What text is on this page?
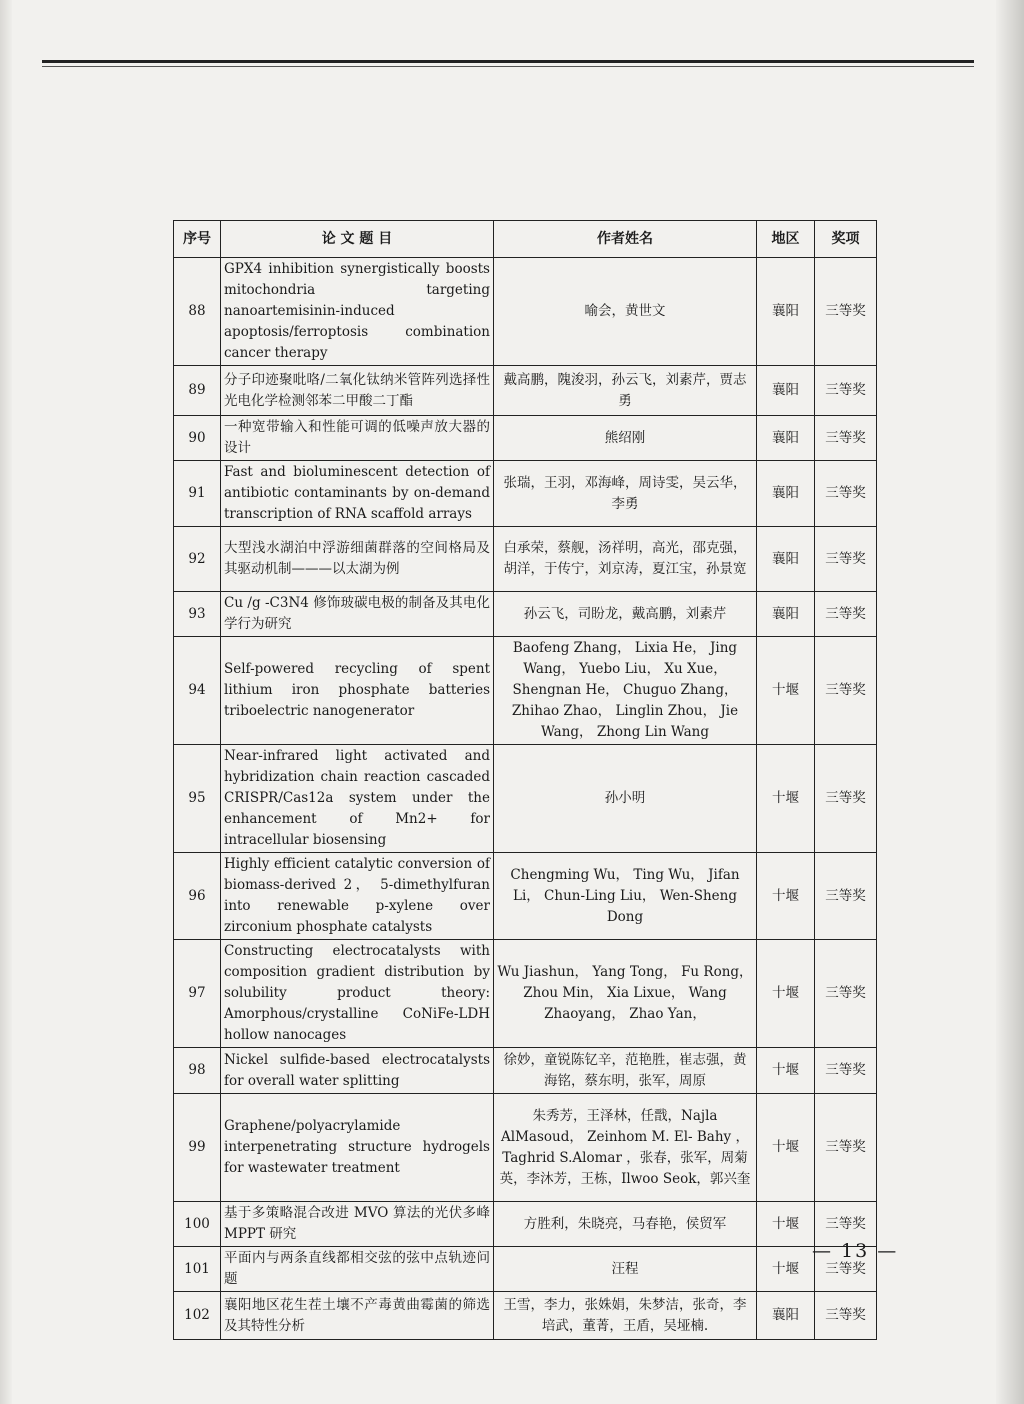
序号	论 文 题 目	作者姓名	地区	奖项
88	GPX4 inhibition synergistically boosts mitochondria targeting nanoartemisinin-induced apoptosis/ferroptosis combination cancer therapy	喻会，黄世文	襄阳	三等奖
89	分子印迹聚吡咯/二氧化钛纳米管阵列选择性光电化学检测邻苯二甲酸二丁酯	戴高鹏，隗浚羽，孙云飞，刘素芹，贾志勇	襄阳	三等奖
90	一种宽带输入和性能可调的低噪声放大器的设计	熊绍刚	襄阳	三等奖
91	Fast and bioluminescent detection of antibiotic contaminants by on-demand transcription of RNA scaffold arrays	张瑞，王羽，邓海峰，周诗雯，吴云华，李勇	襄阳	三等奖
92	大型浅水湖泊中浮游细菌群落的空间格局及其驱动机制———以太湖为例	白承荣，蔡舰，汤祥明，高光，邵克强，胡洋，于传宁，刘京涛，夏江宝，孙景宽	襄阳	三等奖
93	Cu /g -C3N4 修饰玻碳电极的制备及其电化学行为研究	孙云飞，司盼龙，戴高鹏，刘素芹	襄阳	三等奖
94	Self-powered recycling of spent lithium iron phosphate batteries triboelectric nanogenerator	Baofeng Zhang， Lixia He， Jing Wang， Yuebo Liu， Xu Xue， Shengnan He， Chuguo Zhang， Zhihao Zhao， Linglin Zhou， Jie Wang， Zhong Lin Wang	十堰	三等奖
95	Near-infrared light activated and hybridization chain reaction cascaded CRISPR/Cas12a system under the enhancement of Mn2+ for intracellular biosensing	孙小明	十堰	三等奖
96	Highly efficient catalytic conversion of biomass-derived 2， 5-dimethylfuran into renewable p-xylene over zirconium phosphate catalysts	Chengming Wu， Ting Wu， Jifan Li， Chun-Ling Liu， Wen-Sheng Dong	十堰	三等奖
97	Constructing electrocatalysts with composition gradient distribution by solubility product theory: Amorphous/crystalline CoNiFe-LDH hollow nanocages	Wu Jiashun， Yang Tong， Fu Rong， Zhou Min， Xia Lixue， Wang Zhaoyang， Zhao Yan，	十堰	三等奖
98	Nickel sulfide-based electrocatalysts for overall water splitting	徐妙，童锐陈钇辛，范艳胜，崔志强，黄海铭，蔡东明，张军，周原	十堰	三等奖
99	Graphene/polyacrylamide interpenetrating structure hydrogels for wastewater treatment	朱秀芳，王泽林，任戬，Najla AlMasoud， Zeinhom M. El- Bahy ， Taghrid S.Alomar ，张春，张军，周菊英，李沐芳，王栋，Ilwoo Seok，郭兴奎	十堰	三等奖
100	基于多策略混合改进 MVO 算法的光伏多峰 MPPT 研究	方胜利，朱晓亮，马春艳，侯贸军	十堰	三等奖
101	平面内与两条直线都相交弦的弦中点轨迹问题	汪程	十堰	三等奖
102	襄阳地区花生茬土壤不产毒黄曲霉菌的筛选及其特性分析	王雪，李力，张姝娟，朱梦洁，张奇，李培武，董菁，王盾，吴垭楠.	襄阳	三等奖
— 13 —
